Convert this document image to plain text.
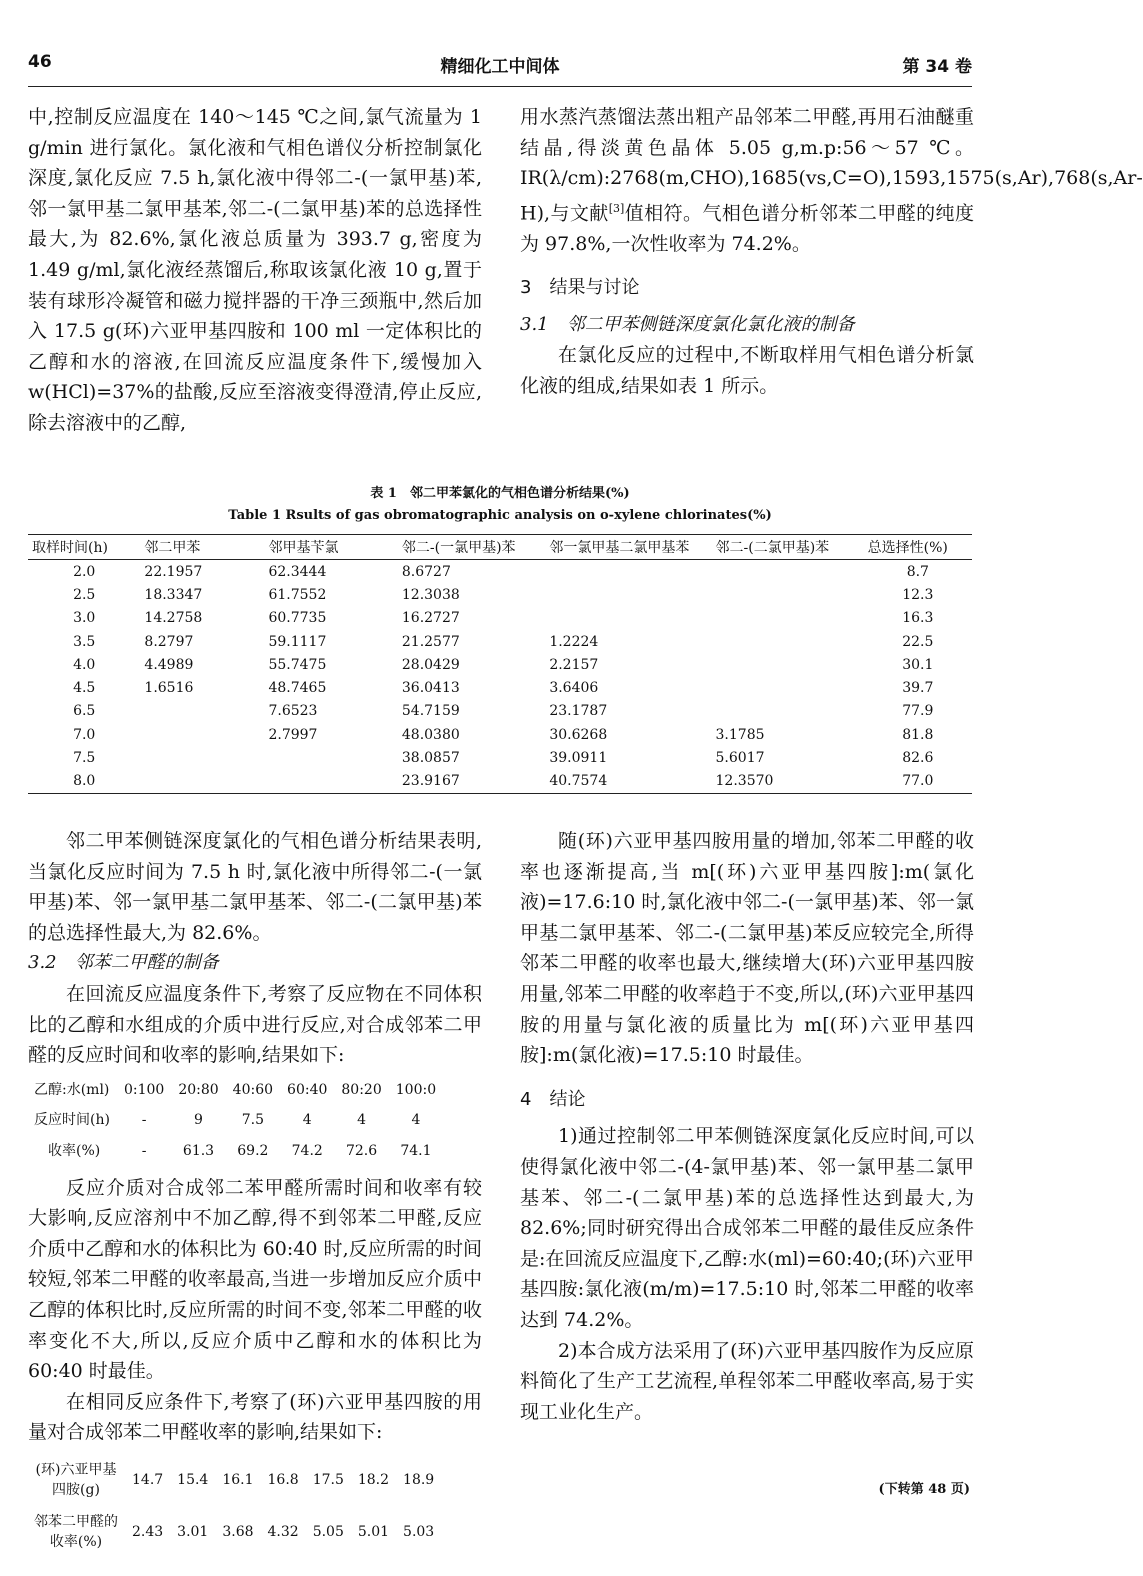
46	精细化工中间体	第 34 卷

中,控制反应温度在 140～145 ℃之间,氯气流量为 1 g/min 进行氯化。氯化液和气相色谱仪分析控制氯化深度,氯化反应 7.5 h,氯化液中得邻二-(一氯甲基)苯,邻一氯甲基二氯甲基苯,邻二-(二氯甲基)苯的总选择性最大,为 82.6%,氯化液总质量为 393.7 g,密度为 1.49 g/ml,氯化液经蒸馏后,称取该氯化液 10 g,置于装有球形冷凝管和磁力搅拌器的干净三颈瓶中,然后加入 17.5 g(环)六亚甲基四胺和 100 ml 一定体积比的乙醇和水的溶液,在回流反应温度条件下,缓慢加入 w(HCl)=37%的盐酸,反应至溶液变得澄清,停止反应,除去溶液中的乙醇,

用水蒸汽蒸馏法蒸出粗产品邻苯二甲醛,再用石油醚重结晶,得淡黄色晶体 5.05 g,m.p:56～57 ℃。IR(λ/cm):2768(m,CHO),1685(vs,C=O),1593,1575(s,Ar),768(s,Ar-H),与文献[3]值相符。气相色谱分析邻苯二甲醛的纯度为 97.8%,一次性收率为 74.2%。

3　结果与讨论

3.1　邻二甲苯侧链深度氯化氯化液的制备

在氯化反应的过程中,不断取样用气相色谱分析氯化液的组成,结果如表 1 所示。

表 1　邻二甲苯氯化的气相色谱分析结果(%)
Table 1 Rsults of gas obromatographic analysis on o-xylene chlorinates(%)
取样时间(h)	邻二甲苯	邻甲基苄氯	邻二-(一氯甲基)苯	邻一氯甲基二氯甲基苯	邻二-(二氯甲基)苯	总选择性(%)
2.0	22.1957	62.3444	8.6727			8.7
2.5	18.3347	61.7552	12.3038			12.3
3.0	14.2758	60.7735	16.2727			16.3
3.5	8.2797	59.1117	21.2577	1.2224		22.5
4.0	4.4989	55.7475	28.0429	2.2157		30.1
4.5	1.6516	48.7465	36.0413	3.6406		39.7
6.5		7.6523	54.7159	23.1787		77.9
7.0		2.7997	48.0380	30.6268	3.1785	81.8
7.5			38.0857	39.0911	5.6017	82.6
8.0			23.9167	40.7574	12.3570	77.0

邻二甲苯侧链深度氯化的气相色谱分析结果表明,当氯化反应时间为 7.5 h 时,氯化液中所得邻二-(一氯甲基)苯、邻一氯甲基二氯甲基苯、邻二-(二氯甲基)苯的总选择性最大,为 82.6%。

3.2　邻苯二甲醛的制备

在回流反应温度条件下,考察了反应物在不同体积比的乙醇和水组成的介质中进行反应,对合成邻苯二甲醛的反应时间和收率的影响,结果如下:

乙醇:水(ml)	0:100	20:80	40:60	60:40	80:20	100:0
反应时间(h)	-	9	7.5	4	4	4
收率(%)	-	61.3	69.2	74.2	72.6	74.1

反应介质对合成邻二苯甲醛所需时间和收率有较大影响,反应溶剂中不加乙醇,得不到邻苯二甲醛,反应介质中乙醇和水的体积比为 60:40 时,反应所需的时间较短,邻苯二甲醛的收率最高,当进一步增加反应介质中乙醇的体积比时,反应所需的时间不变,邻苯二甲醛的收率变化不大,所以,反应介质中乙醇和水的体积比为 60:40 时最佳。

在相同反应条件下,考察了(环)六亚甲基四胺的用量对合成邻苯二甲醛收率的影响,结果如下:

(环)六亚甲基
四胺(g)	14.7	15.4	16.1	16.8	17.5	18.2	18.9
邻苯二甲醛的
收率(%)	2.43	3.01	3.68	4.32	5.05	5.01	5.03

随(环)六亚甲基四胺用量的增加,邻苯二甲醛的收率也逐渐提高,当 m[(环)六亚甲基四胺]:m(氯化液)=17.6:10 时,氯化液中邻二-(一氯甲基)苯、邻一氯甲基二氯甲基苯、邻二-(二氯甲基)苯反应较完全,所得邻苯二甲醛的收率也最大,继续增大(环)六亚甲基四胺用量,邻苯二甲醛的收率趋于不变,所以,(环)六亚甲基四胺的用量与氯化液的质量比为 m[(环)六亚甲基四胺]:m(氯化液)=17.5:10 时最佳。

4　结论

1)通过控制邻二甲苯侧链深度氯化反应时间,可以使得氯化液中邻二-(4-氯甲基)苯、邻一氯甲基二氯甲基苯、邻二-(二氯甲基)苯的总选择性达到最大,为 82.6%;同时研究得出合成邻苯二甲醛的最佳反应条件是:在回流反应温度下,乙醇:水(ml)=60:40;(环)六亚甲基四胺:氯化液(m/m)=17.5:10 时,邻苯二甲醛的收率达到 74.2%。

2)本合成方法采用了(环)六亚甲基四胺作为反应原料简化了生产工艺流程,单程邻苯二甲醛收率高,易于实现工业化生产。

(下转第 48 页)
